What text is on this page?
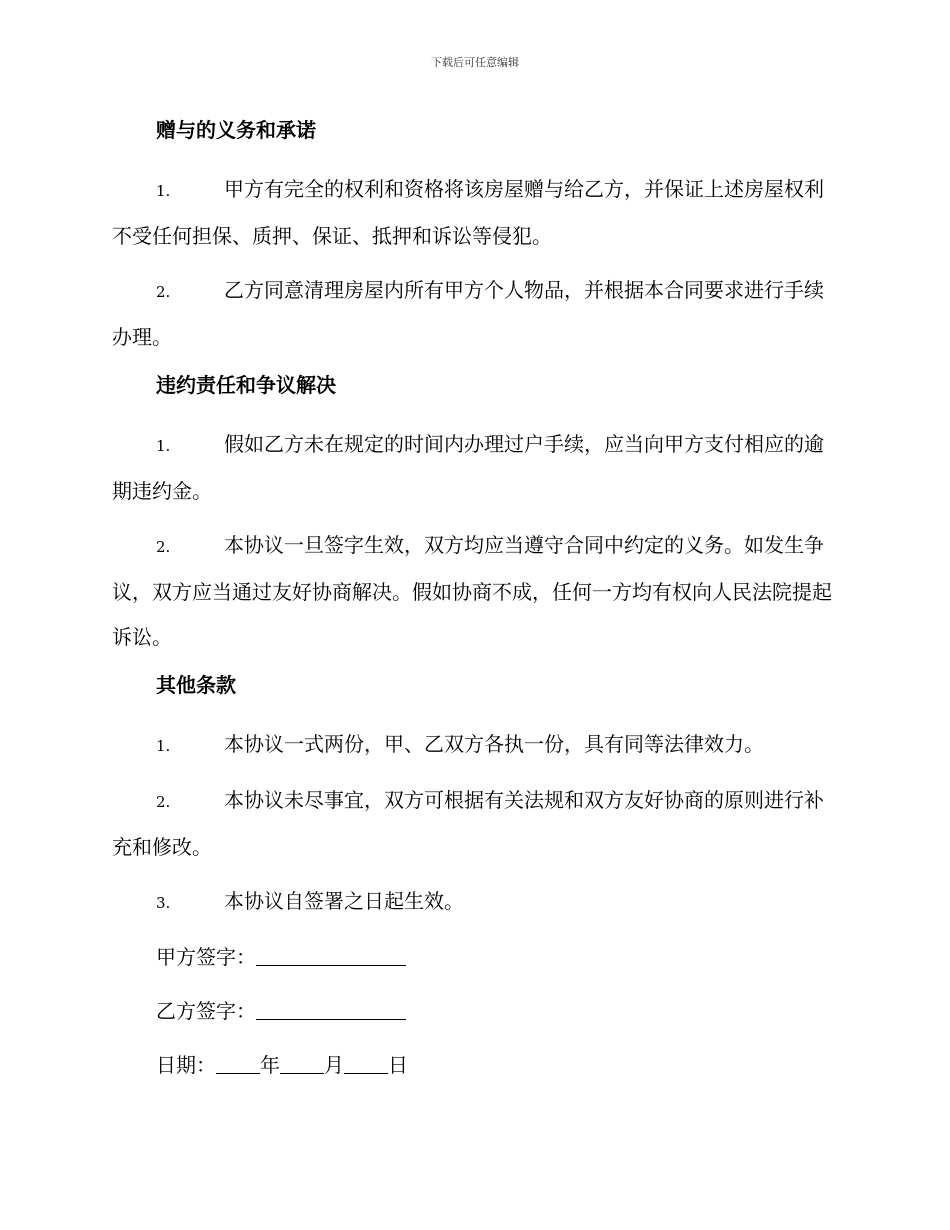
下载后可任意编辑
赠与的义务和承诺
1.	甲方有完全的权利和资格将该房屋赠与给乙方，并保证上述房屋权利不受任何担保、质押、保证、抵押和诉讼等侵犯。
2.	乙方同意清理房屋内所有甲方个人物品，并根据本合同要求进行手续办理。
违约责任和争议解决
1.	假如乙方未在规定的时间内办理过户手续，应当向甲方支付相应的逾期违约金。
2.	本协议一旦签字生效，双方均应当遵守合同中约定的义务。如发生争议，双方应当通过友好协商解决。假如协商不成，任何一方均有权向人民法院提起诉讼。
其他条款
1.	本协议一式两份，甲、乙双方各执一份，具有同等法律效力。
2.	本协议未尽事宜，双方可根据有关法规和双方友好协商的原则进行补充和修改。
3.	本协议自签署之日起生效。
甲方签字：
乙方签字：
日期： 年 月 日
